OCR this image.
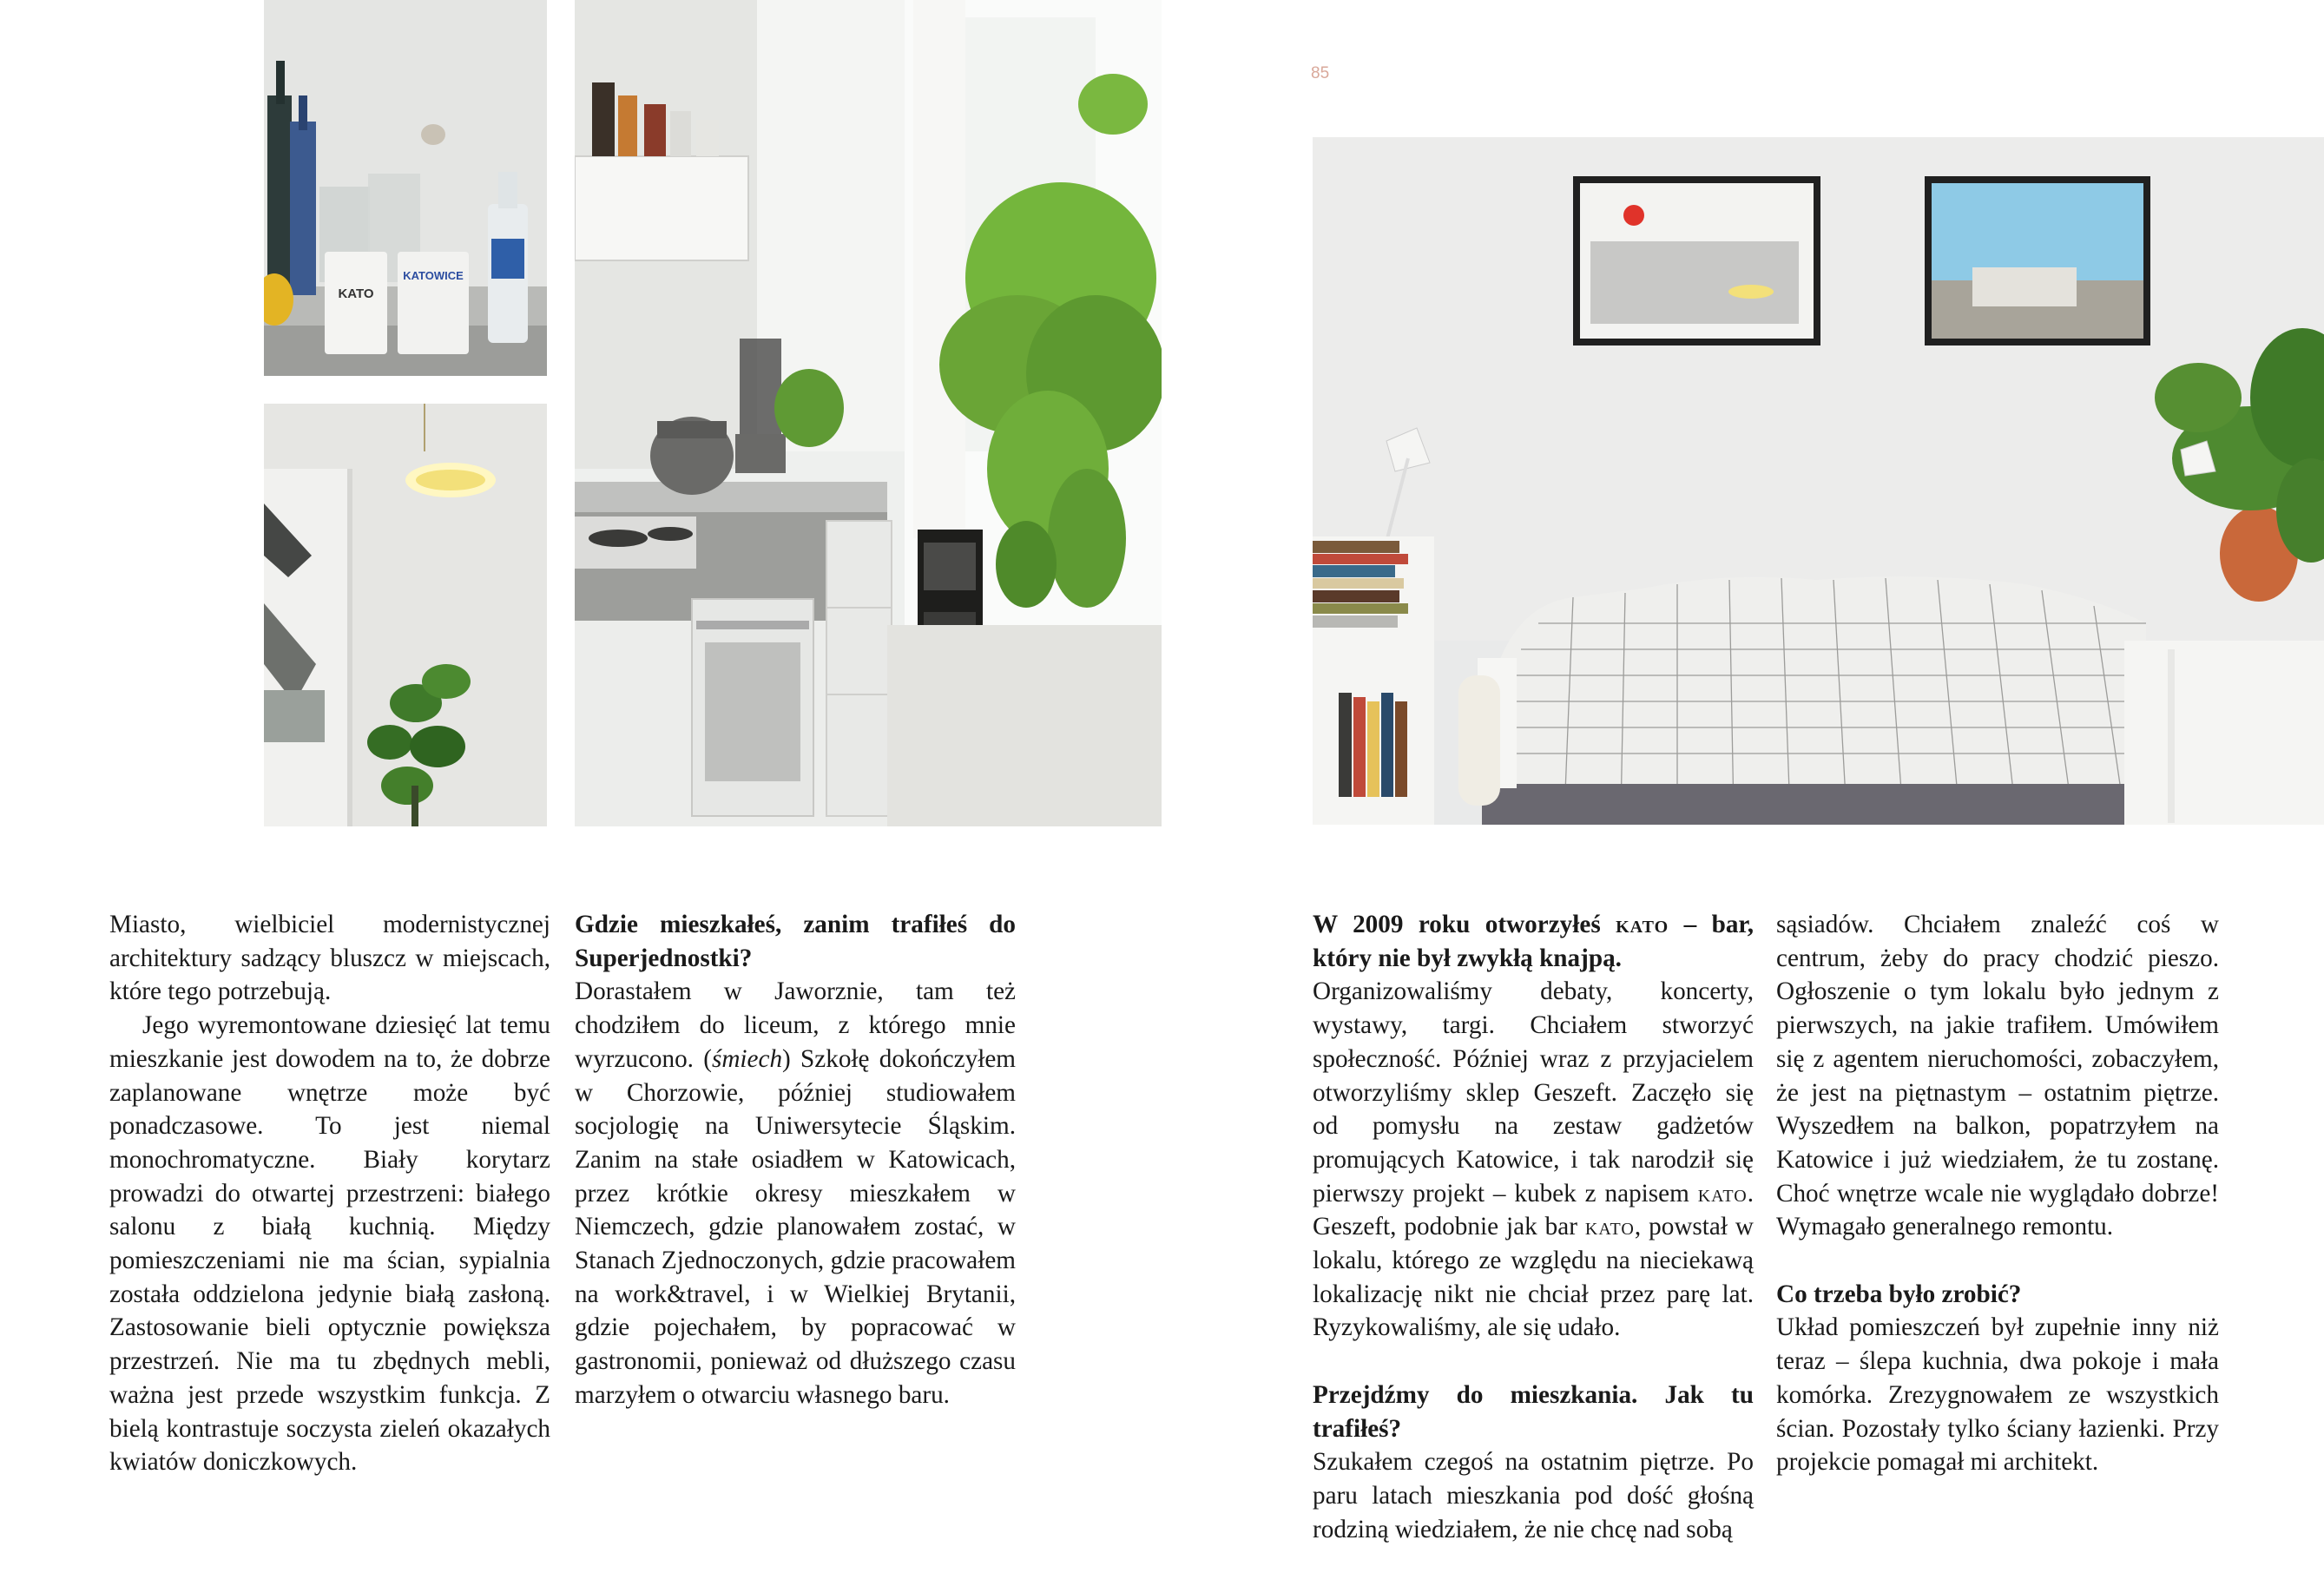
85
KATO
KATOWICE

Miasto, wielbiciel modernistycznej architektury sadzący bluszcz w miejscach, które tego potrzebują.

Jego wyremontowane dziesięć lat temu mieszkanie jest dowodem na to, że dobrze zaplanowane wnętrze może być ponadczasowe. To jest niemal monochromatyczne. Biały korytarz prowadzi do otwartej przestrzeni: białego salonu z białą kuchnią. Między pomieszczeniami nie ma ścian, sypialnia została oddzielona jedynie białą zasłoną. Zastosowanie bieli optycznie powiększa przestrzeń. Nie ma tu zbędnych mebli, ważna jest przede wszystkim funkcja. Z bielą kontrastuje soczysta zieleń okazałych kwiatów doniczkowych.

Gdzie mieszkałeś, zanim trafiłeś do Superjednostki?

Dorastałem w Jaworznie, tam też chodziłem do liceum, z którego mnie wyrzucono. (śmiech) Szkołę dokończyłem w Chorzowie, później studiowałem socjologię na Uniwersytecie Śląskim. Zanim na stałe osiadłem w Katowicach, przez krótkie okresy mieszkałem w Niemczech, gdzie planowałem zostać, w Stanach Zjednoczonych, gdzie pracowałem na work&travel, i w Wielkiej Brytanii, gdzie pojechałem, by popracować w gastronomii, ponieważ od dłuższego czasu marzyłem o otwarciu własnego baru.

W 2009 roku otworzyłeś kato – bar, który nie był zwykłą knajpą.

Organizowaliśmy debaty, koncerty, wystawy, targi. Chciałem stworzyć społeczność. Później wraz z przyjacielem otworzyliśmy sklep Geszeft. Zaczęło się od pomysłu na zestaw gadżetów promujących Katowice, i tak narodził się pierwszy projekt – kubek z napisem kato. Geszeft, podobnie jak bar kato, powstał w lokalu, którego ze względu na nieciekawą lokalizację nikt nie chciał przez parę lat. Ryzykowaliśmy, ale się udało.

Przejdźmy do mieszkania. Jak tu trafiłeś?

Szukałem czegoś na ostatnim piętrze. Po paru latach mieszkania pod dość głośną rodziną wiedziałem, że nie chcę nad sobą

sąsiadów. Chciałem znaleźć coś w centrum, żeby do pracy chodzić pieszo. Ogłoszenie o tym lokalu było jednym z pierwszych, na jakie trafiłem. Umówiłem się z agentem nieruchomości, zobaczyłem, że jest na piętnastym – ostatnim piętrze. Wyszedłem na balkon, popatrzyłem na Katowice i już wiedziałem, że tu zostanę. Choć wnętrze wcale nie wyglądało dobrze! Wymagało generalnego remontu.

Co trzeba było zrobić?

Układ pomieszczeń był zupełnie inny niż teraz – ślepa kuchnia, dwa pokoje i mała komórka. Zrezygnowałem ze wszystkich ścian. Pozostały tylko ściany łazienki. Przy projekcie pomagał mi architekt.
